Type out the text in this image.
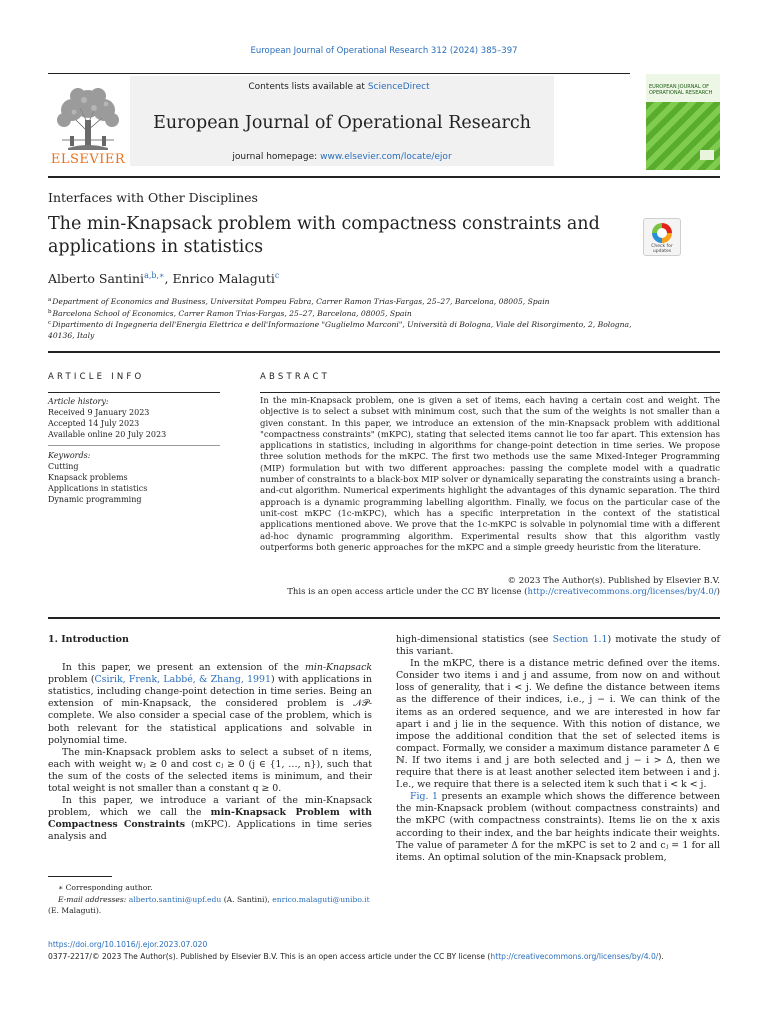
European Journal of Operational Research 312 (2024) 385–397
Contents lists available at ScienceDirect
European Journal of Operational Research
journal homepage: www.elsevier.com/locate/ejor
ELSEVIER
EUROPEAN JOURNAL OF OPERATIONAL RESEARCH
Interfaces with Other Disciplines
The min-Knapsack problem with compactness constraints and applications in statistics	Check for updates
Alberto Santini$^{a,b,∗}$, Enrico Malaguti$^c$
$^a$Department of Economics and Business, Universitat Pompeu Fabra, Carrer Ramon Trias-Fargas, 25–27, Barcelona, 08005, Spain
$^b$Barcelona School of Economics, Carrer Ramon Trias-Fargas, 25–27, Barcelona, 08005, Spain
$^c$Dipartimento di Ingegneria dell'Energia Elettrica e dell'Informazione "Guglielmo Marconi", Università di Bologna, Viale del Risorgimento, 2, Bologna, 40136, Italy
ARTICLE INFO
Article history:
Received 9 January 2023
Accepted 14 July 2023
Available online 20 July 2023
Keywords:
Cutting
Knapsack problems
Applications in statistics
Dynamic programming
ABSTRACT
In the min-Knapsack problem, one is given a set of items, each having a certain cost and weight. The objective is to select a subset with minimum cost, such that the sum of the weights is not smaller than a given constant. In this paper, we introduce an extension of the min-Knapsack problem with additional "compactness constraints" (mKPC), stating that selected items cannot lie too far apart. This extension has applications in statistics, including in algorithms for change-point detection in time series. We propose three solution methods for the mKPC. The first two methods use the same Mixed-Integer Programming (MIP) formulation but with two different approaches: passing the complete model with a quadratic number of constraints to a black-box MIP solver or dynamically separating the constraints using a branch-and-cut algorithm. Numerical experiments highlight the advantages of this dynamic separation. The third approach is a dynamic programming labelling algorithm. Finally, we focus on the particular case of the unit-cost mKPC (1c-mKPC), which has a specific interpretation in the context of the statistical applications mentioned above. We prove that the 1c-mKPC is solvable in polynomial time with a different ad-hoc dynamic programming algorithm. Experimental results show that this algorithm vastly outperforms both generic approaches for the mKPC and a simple greedy heuristic from the literature.
© 2023 The Author(s). Published by Elsevier B.V.
This is an open access article under the CC BY license (http://creativecommons.org/licenses/by/4.0/)
1. Introduction

In this paper, we present an extension of the min-Knapsack problem (Csirik, Frenk, Labbé, & Zhang, 1991) with applications in statistics, including change-point detection in time series. Being an extension of min-Knapsack, the considered problem is 𝒩𝒫-complete. We also consider a special case of the problem, which is both relevant for the statistical applications and solvable in polynomial time.

The min-Knapsack problem asks to select a subset of n items, each with weight wⱼ ≥ 0 and cost cⱼ ≥ 0 (j ∈ {1, …, n}), such that the sum of the costs of the selected items is minimum, and their total weight is not smaller than a constant q ≥ 0.

In this paper, we introduce a variant of the min-Knapsack problem, which we call the min-Knapsack Problem with Compactness Constraints (mKPC). Applications in time series analysis and

high-dimensional statistics (see Section 1.1) motivate the study of this variant.

In the mKPC, there is a distance metric defined over the items. Consider two items i and j and assume, from now on and without loss of generality, that i < j. We define the distance between items as the difference of their indices, i.e., j − i. We can think of the items as an ordered sequence, and we are interested in how far apart i and j lie in the sequence. With this notion of distance, we impose the additional condition that the set of selected items is compact. Formally, we consider a maximum distance parameter Δ ∈ ℕ. If two items i and j are both selected and j − i > Δ, then we require that there is at least another selected item between i and j. I.e., we require that there is a selected item k such that i < k < j.

Fig. 1 presents an example which shows the difference between the min-Knapsack problem (without compactness constraints) and the mKPC (with compactness constraints). Items lie on the x axis according to their index, and the bar heights indicate their weights. The value of parameter Δ for the mKPC is set to 2 and cⱼ = 1 for all items. An optimal solution of the min-Knapsack problem,

∗ Corresponding author.
E-mail addresses: alberto.santini@upf.edu (A. Santini), enrico.malaguti@unibo.it
(E. Malaguti).
https://doi.org/10.1016/j.ejor.2023.07.020
0377-2217/© 2023 The Author(s). Published by Elsevier B.V. This is an open access article under the CC BY license (http://creativecommons.org/licenses/by/4.0/).
